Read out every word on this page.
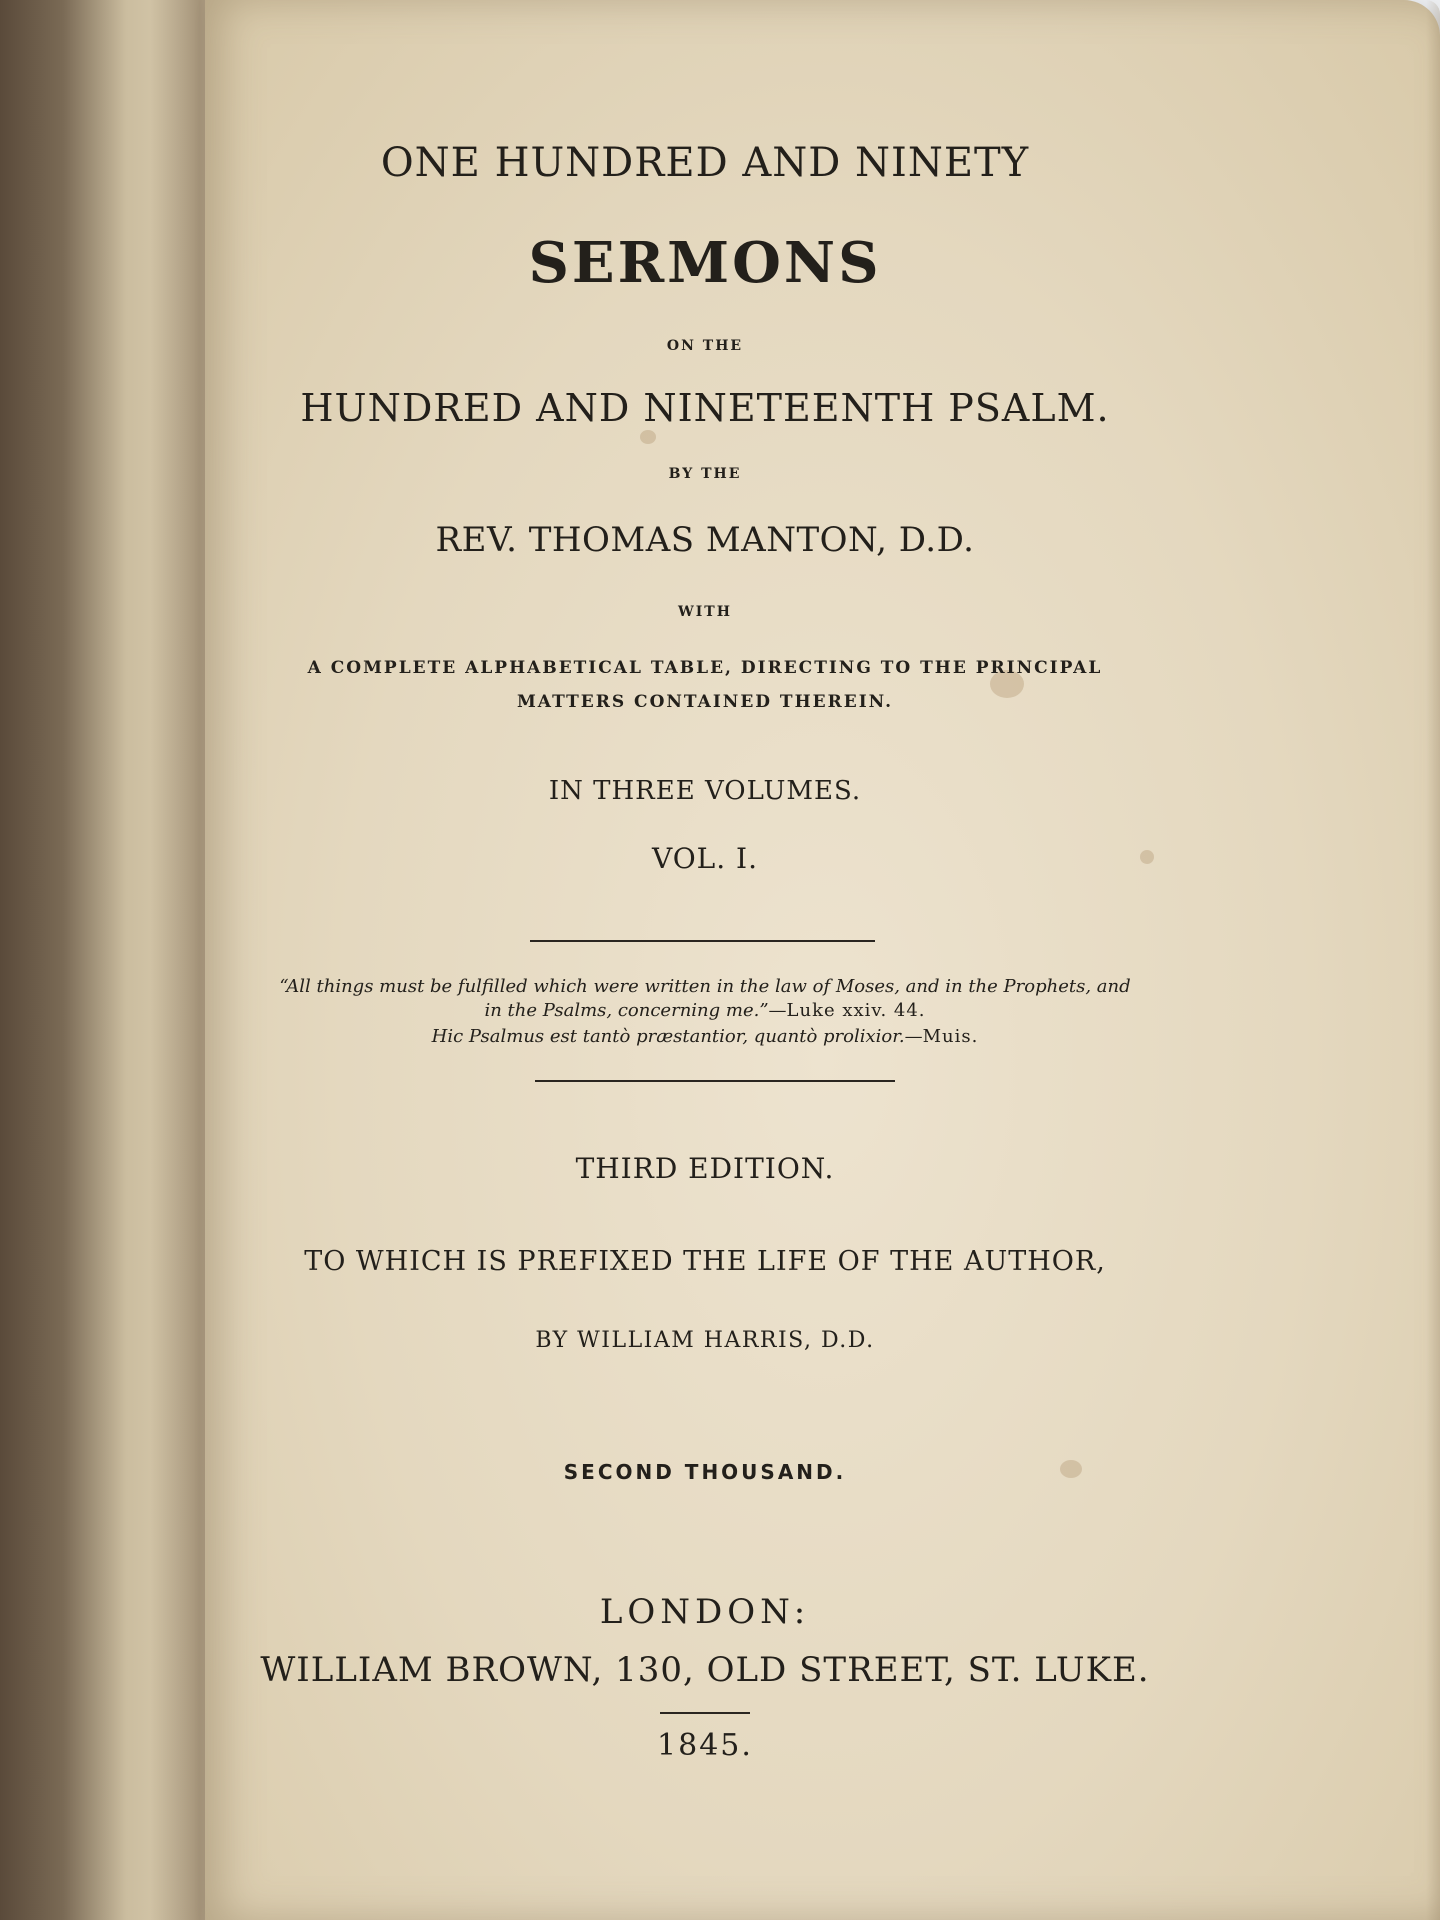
ONE HUNDRED AND NINETY
SERMONS
ON THE
HUNDRED AND NINETEENTH PSALM.
BY THE
REV. THOMAS MANTON, D.D.
WITH
A COMPLETE ALPHABETICAL TABLE, DIRECTING TO THE PRINCIPAL
MATTERS CONTAINED THEREIN.
IN THREE VOLUMES.
VOL. I.
“All things must be fulfilled which were written in the law of Moses, and in the Prophets, and
in the Psalms, concerning me.”—Luke xxiv. 44.
Hic Psalmus est tantò præstantior, quantò prolixior.—Muis.
THIRD EDITION.
TO WHICH IS PREFIXED THE LIFE OF THE AUTHOR,
BY WILLIAM HARRIS, D.D.
SECOND THOUSAND.
LONDON:
WILLIAM BROWN, 130, OLD STREET, ST. LUKE.
1845.
